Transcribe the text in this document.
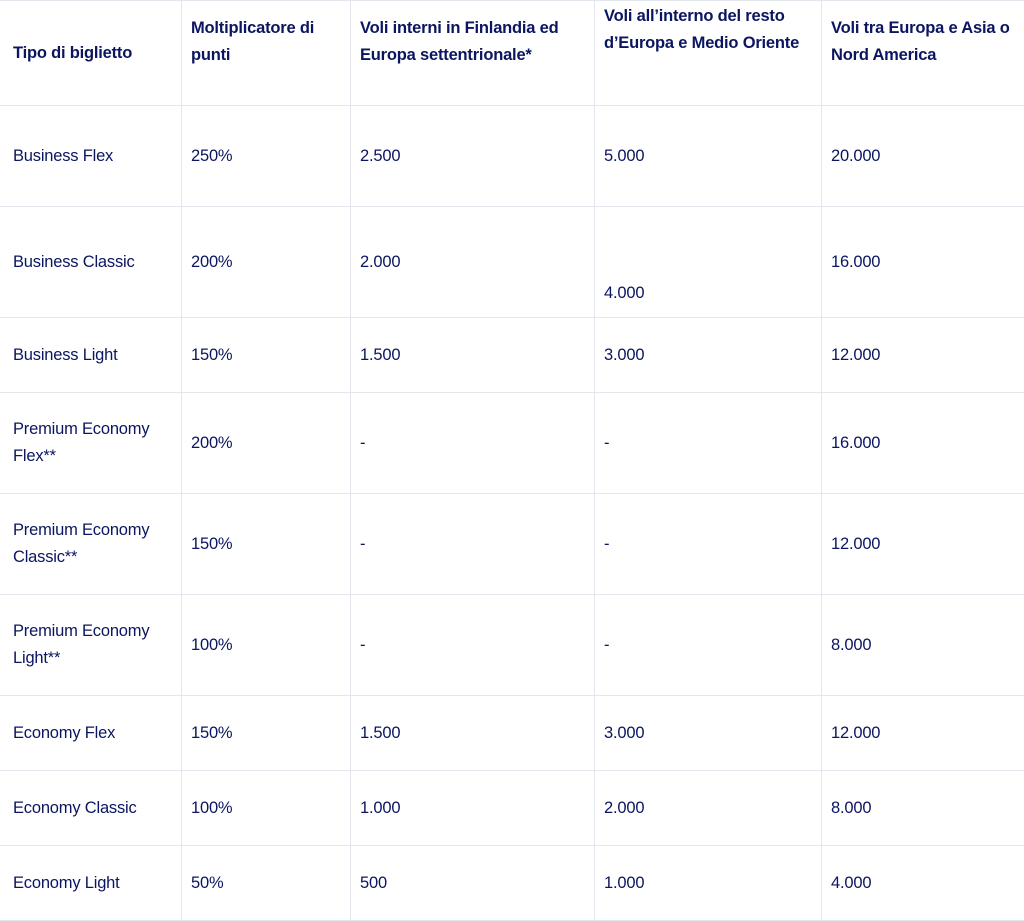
Tipo di biglietto	Moltiplicatore di punti	Voli interni in Finlandia ed Europa settentrionale*	Voli all’interno del resto d’Europa e Medio Oriente	Voli tra Europa e Asia o Nord America
Business Flex	250%	2.500	5.000	20.000
Business Classic	200%	2.000	4.000	16.000
Business Light	150%	1.500	3.000	12.000
Premium Economy Flex**	200%	-	-	16.000
Premium Economy Classic**	150%	-	-	12.000
Premium Economy Light**	100%	-	-	8.000
Economy Flex	150%	1.500	3.000	12.000
Economy Classic	100%	1.000	2.000	8.000
Economy Light	50%	500	1.000	4.000
